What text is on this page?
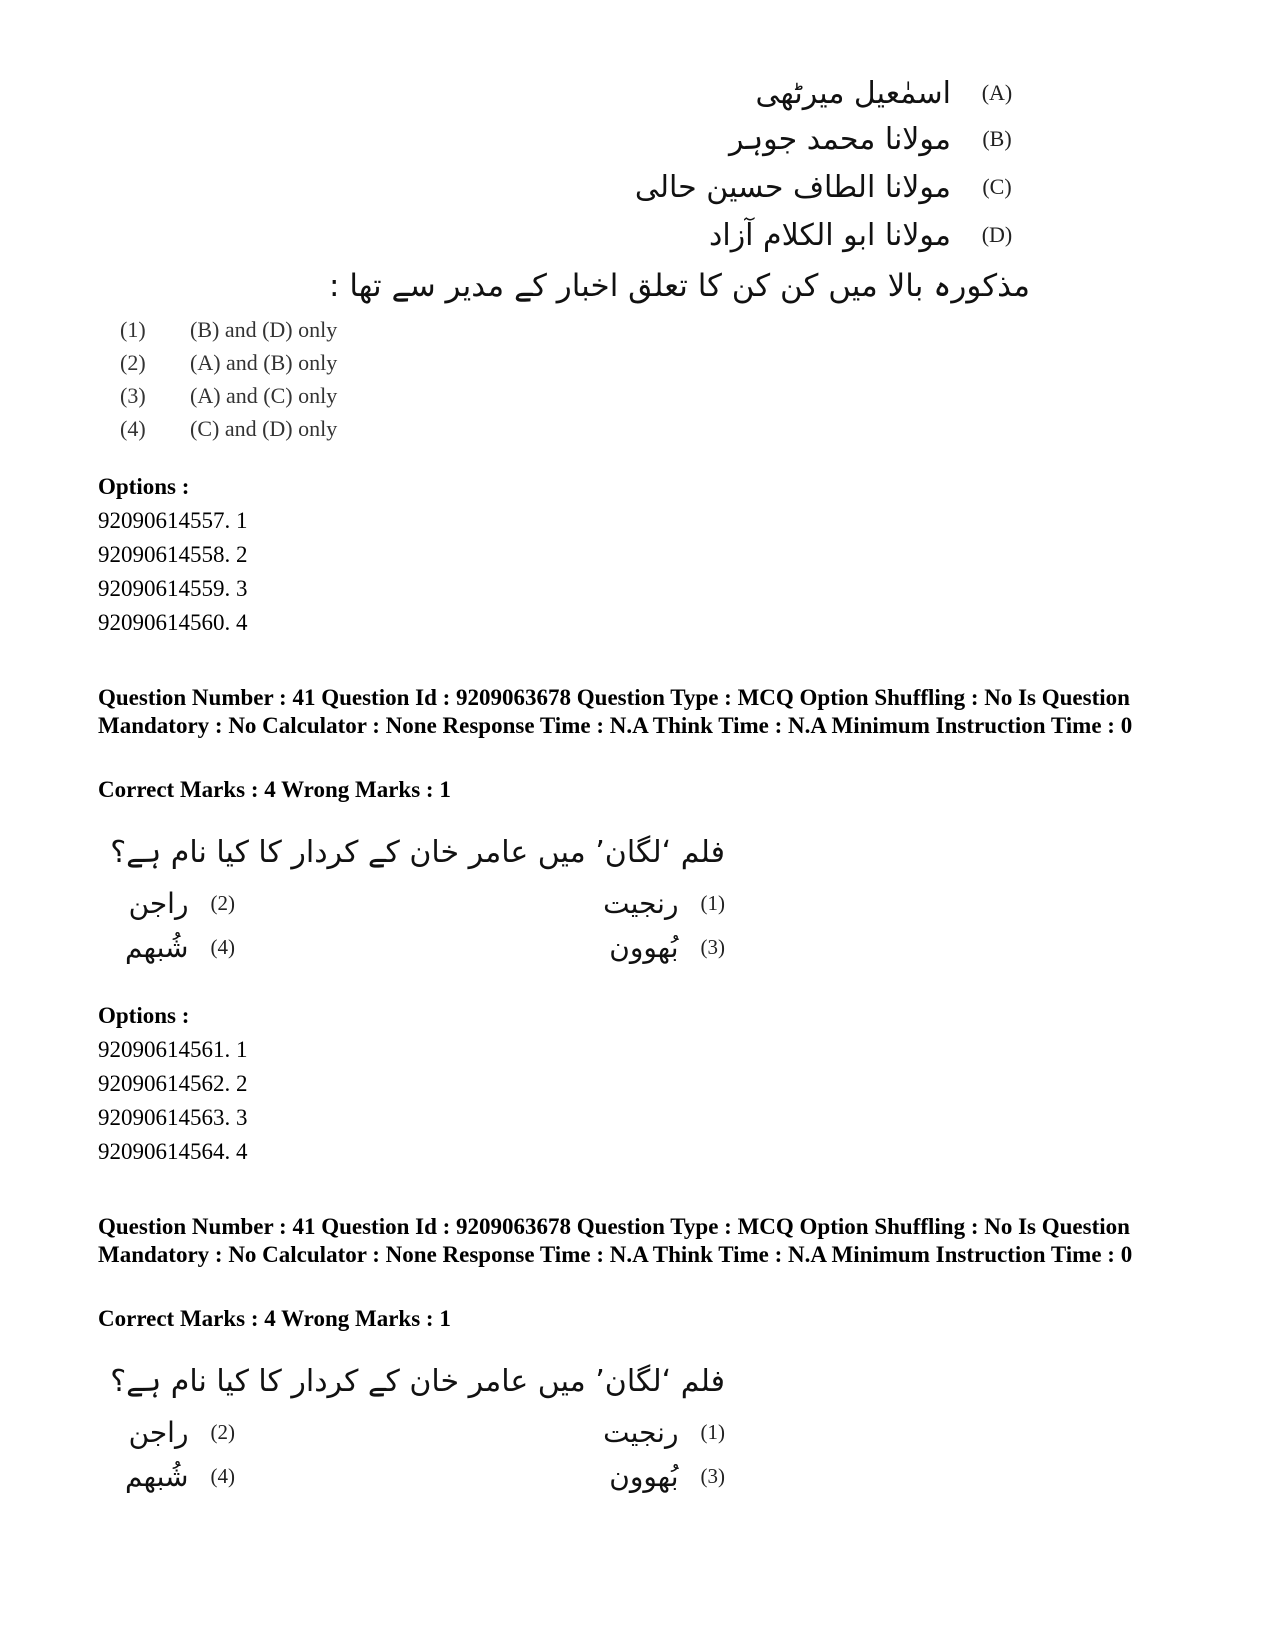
(A)
اسمٰعیل میرٹھی
(B)
مولانا محمد جوہر
(C)
مولانا الطاف حسین حالی
(D)
مولانا ابو الکلام آزاد
مذکورہ بالا میں کن کن کا تعلق اخبار کے مدیر سے تھا :
(1)	(B) and (D) only
(2)	(A) and (B) only
(3)	(A) and (C) only
(4)	(C) and (D) only
Options :
92090614557. 1
92090614558. 2
92090614559. 3
92090614560. 4
Question Number : 41 Question Id : 9209063678 Question Type : MCQ Option Shuffling : No Is Question Mandatory : No Calculator : None Response Time : N.A Think Time : N.A Minimum Instruction Time : 0
Correct Marks : 4 Wrong Marks : 1
فلم ‘لگان’ میں عامر خان کے کردار کا کیا نام ہے؟
(1)
رنجیت
(2)
راجن
(3)
بُھوون
(4)
شُبھم
Options :
92090614561. 1
92090614562. 2
92090614563. 3
92090614564. 4
Question Number : 41 Question Id : 9209063678 Question Type : MCQ Option Shuffling : No Is Question Mandatory : No Calculator : None Response Time : N.A Think Time : N.A Minimum Instruction Time : 0
Correct Marks : 4 Wrong Marks : 1
فلم ‘لگان’ میں عامر خان کے کردار کا کیا نام ہے؟
(1)
رنجیت
(2)
راجن
(3)
بُھوون
(4)
شُبھم
